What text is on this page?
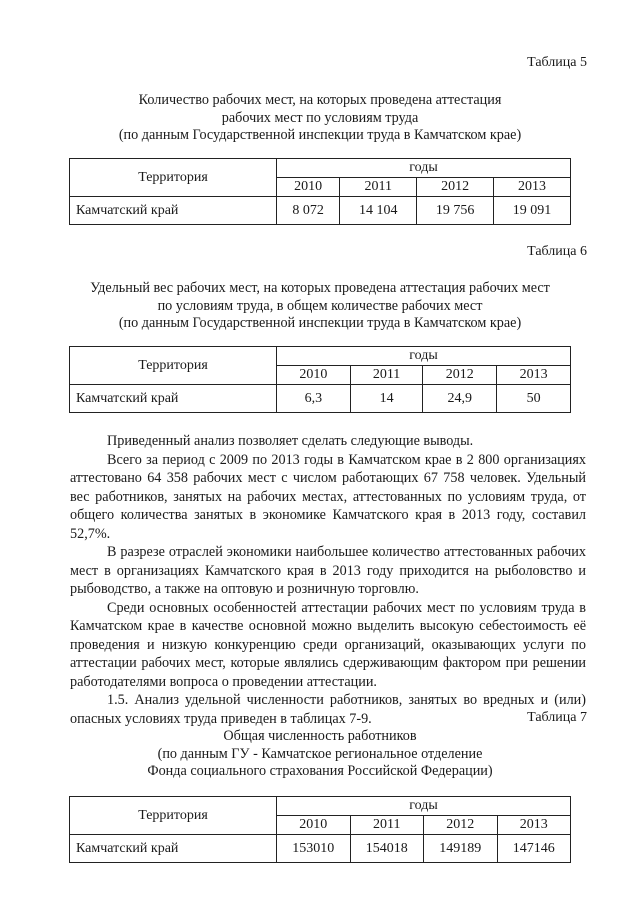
Таблица 5
Количество рабочих мест, на которых проведена аттестация
рабочих мест по условиям труда
(по данным Государственной инспекции труда в Камчатском крае)
Территория	годы			
	2010	2011	2012	2013
Камчатский край	8 072	14 104	19 756	19 091
Таблица 6
Удельный вес рабочих мест, на которых проведена аттестация рабочих мест
по условиям труда, в общем количестве рабочих мест
(по данным Государственной инспекции труда в Камчатском крае)
Территория	годы			
	2010	2011	2012	2013
Камчатский край	6,3	14	24,9	50

Приведенный анализ позволяет сделать следующие выводы.

Всего за период с 2009 по 2013 годы в Камчатском крае в 2 800 организациях аттестовано 64 358 рабочих мест с числом работающих 67 758 человек. Удельный вес работников, занятых на рабочих местах, аттестованных по условиям труда, от общего количества занятых в экономике Камчатского края в 2013 году, составил 52,7%.

В разрезе отраслей экономики наибольшее количество аттестованных рабочих мест в организациях Камчатского края в 2013 году приходится на рыболовство и рыбоводство, а также на оптовую и розничную торговлю.

Среди основных особенностей аттестации рабочих мест по условиям труда в Камчатском крае в качестве основной можно выделить высокую себестоимость её проведения и низкую конкуренцию среди организаций, оказывающих услуги по аттестации рабочих мест, которые являлись сдерживающим фактором при решении работодателями вопроса о проведении аттестации.

1.5. Анализ удельной численности работников, занятых во вредных и (или) опасных условиях труда приведен в таблицах 7-9.	Таблица 7
Общая численность работников
(по данным ГУ - Камчатское региональное отделение
Фонда социального страхования Российской Федерации)
Территория	годы			
	2010	2011	2012	2013
Камчатский край	153010	154018	149189	147146
